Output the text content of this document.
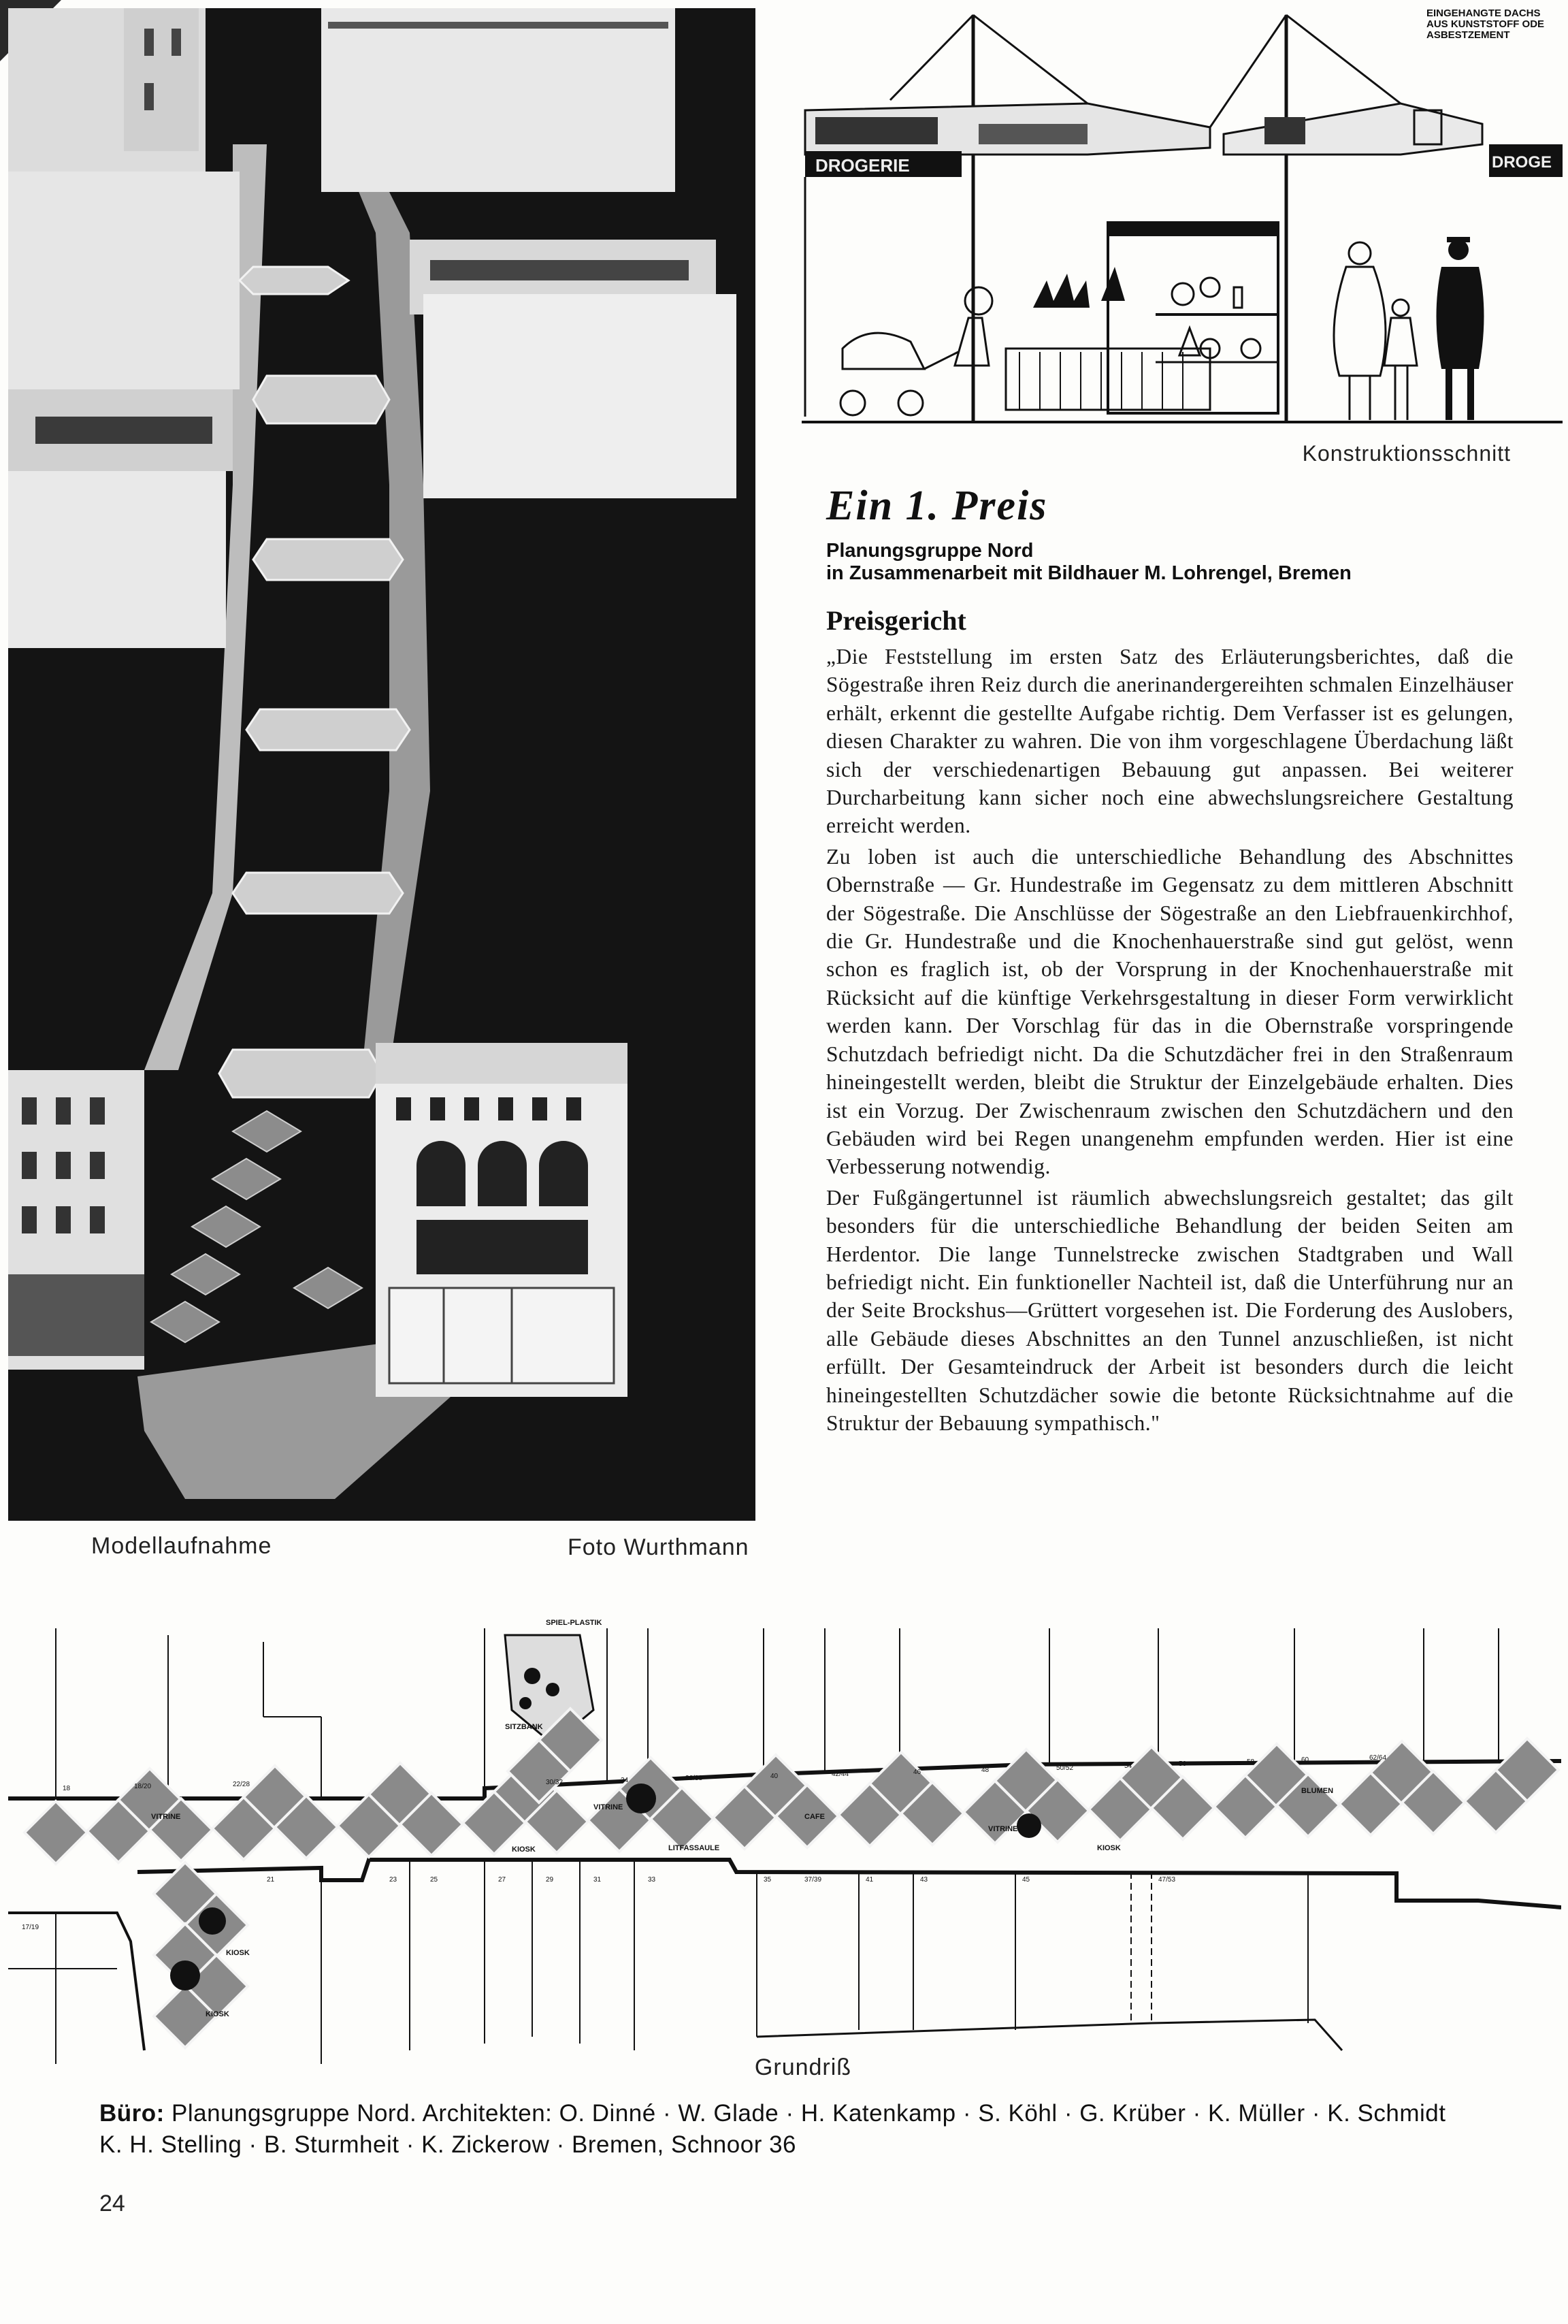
Modellaufnahme	Foto Wurthmann
DROGERIE	DROGE
EINGEHANGTE DACHS
AUS KUNSTSTOFF ODE
ASBESTZEMENT
Konstruktionsschnitt
Ein 1. Preis
Planungsgruppe Nord
in Zusammenarbeit mit Bildhauer M. Lohrengel, Bremen
Preisgericht

„Die Feststellung im ersten Satz des Erläuterungsberichtes, daß die Sögestraße ihren Reiz durch die anerinandergereihten schmalen Einzelhäuser erhält, erkennt die gestellte Aufgabe richtig. Dem Verfasser ist es gelungen, diesen Charakter zu wahren. Die von ihm vorgeschlagene Überdachung läßt sich der verschiedenartigen Bebauung gut anpassen. Bei weiterer Durcharbeitung kann sicher noch eine abwechslungsreichere Gestaltung erreicht werden.

Zu loben ist auch die unterschiedliche Behandlung des Abschnittes Obernstraße — Gr. Hundestraße im Gegensatz zu dem mittleren Abschnitt der Sögestraße. Die Anschlüsse der Sögestraße an den Liebfrauenkirchhof, die Gr. Hundestraße und die Knochenhauerstraße sind gut gelöst, wenn schon es fraglich ist, ob der Vorsprung in der Knochenhauerstraße mit Rücksicht auf die künftige Verkehrsgestaltung in dieser Form verwirklicht werden kann. Der Vorschlag für das in die Obernstraße vorspringende Schutzdach befriedigt nicht. Da die Schutzdächer frei in den Straßenraum hineingestellt werden, bleibt die Struktur der Einzelgebäude erhalten. Dies ist ein Vorzug. Der Zwischenraum zwischen den Schutzdächern und den Gebäuden wird bei Regen unangenehm empfunden werden. Hier ist eine Verbesserung notwendig.

Der Fußgängertunnel ist räumlich abwechslungsreich gestaltet; das gilt besonders für die unterschiedliche Behandlung der beiden Seiten am Herdentor. Die lange Tunnelstrecke zwischen Stadtgraben und Wall befriedigt nicht. Ein funktioneller Nachteil ist, daß die Unterführung nur an der Seite Brockshus—Grüttert vorgesehen ist. Die Forderung des Auslobers, alle Gebäude dieses Abschnittes an den Tunnel anzuschließen, ist nicht erfüllt. Der Gesamteindruck der Arbeit ist besonders durch die leicht hineingestellten Schutzdächer sowie die betonte Rücksichtnahme auf die Struktur der Bebauung sympathisch."

SPIEL-PLASTIK
SITZBANK
VITRINE
VITRINE
VITRINE
KIOSK	KIOSK
KIOSK
KIOSK
CAFE
LITFASSAULE
BLUMEN
18	18/20	22/28	30/32	34	36/38	40	42/44	46	48	50/52	54	56	58	60	62/64
17/19
21	23	25	27	29	31	33	35	37/39	41	43	45	47/53
Grundriß
Büro: Planungsgruppe Nord. Architekten: O. Dinné · W. Glade · H. Katenkamp · S. Köhl · G. Krüber · K. Müller · K. Schmidt
K. H. Stelling · B. Sturmheit · K. Zickerow · Bremen, Schnoor 36
24
